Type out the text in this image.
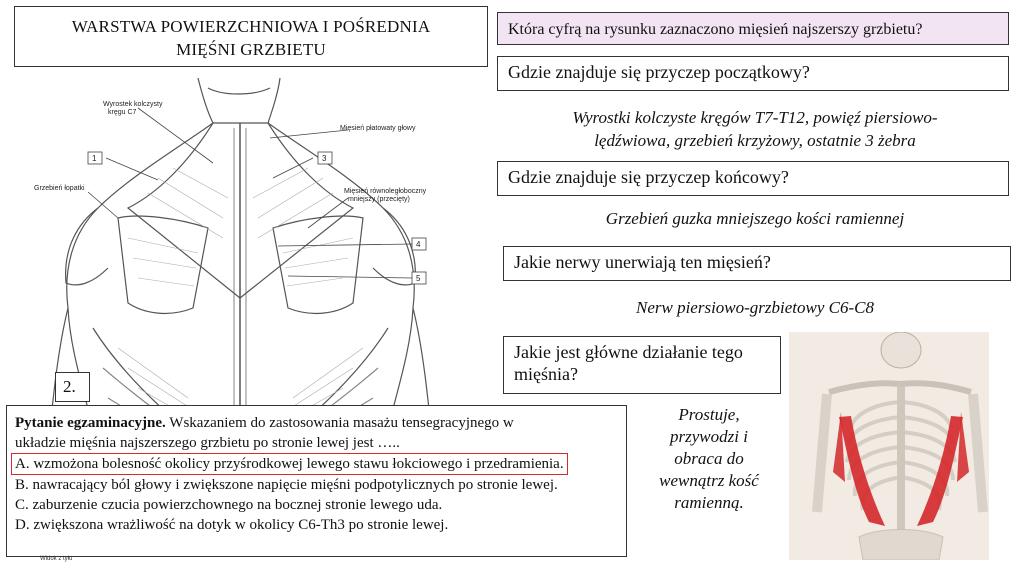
WARSTWA POWIERZCHNIOWA I POŚREDNIA
MIĘŚNI GRZBIETU
Wyrostek kolczysty
kręgu C7
Mięsień płatowaty głowy
Grzebień łopatki	Mięsień równoległoboczny
mniejszy (przecięty)
1	3
4
5
2.
Która cyfrą na rysunku zaznaczono mięsień najszerszy grzbietu?
Gdzie znajduje się przyczep początkowy?
Wyrostki kolczyste kręgów T7-T12, powięź piersiowo-
lędźwiowa, grzebień krzyżowy, ostatnie 3 żebra
Gdzie znajduje się przyczep końcowy?
Grzebień guzka mniejszego kości ramiennej
Jakie nerwy unerwiają ten mięsień?
Nerw piersiowo-grzbietowy C6-C8
Jakie jest główne działanie tego
mięśnia?
Prostuje,
przywodzi i
obraca do
wewnątrz kość
ramienną.
Pytanie egzaminacyjne. Wskazaniem do zastosowania masażu tensegracyjnego w
układzie mięśnia najszerszego grzbietu po stronie lewej jest …..
A. wzmożona bolesność okolicy przyśrodkowej lewego stawu łokciowego i przedramienia.
B. nawracający ból głowy i zwiększone napięcie mięśni podpotylicznych po stronie lewej.
C. zaburzenie czucia powierzchownego na bocznej stronie lewego uda.
D. zwiększona wrażliwość na dotyk w okolicy C6-Th3 po stronie lewej.
Widok z tyłu
